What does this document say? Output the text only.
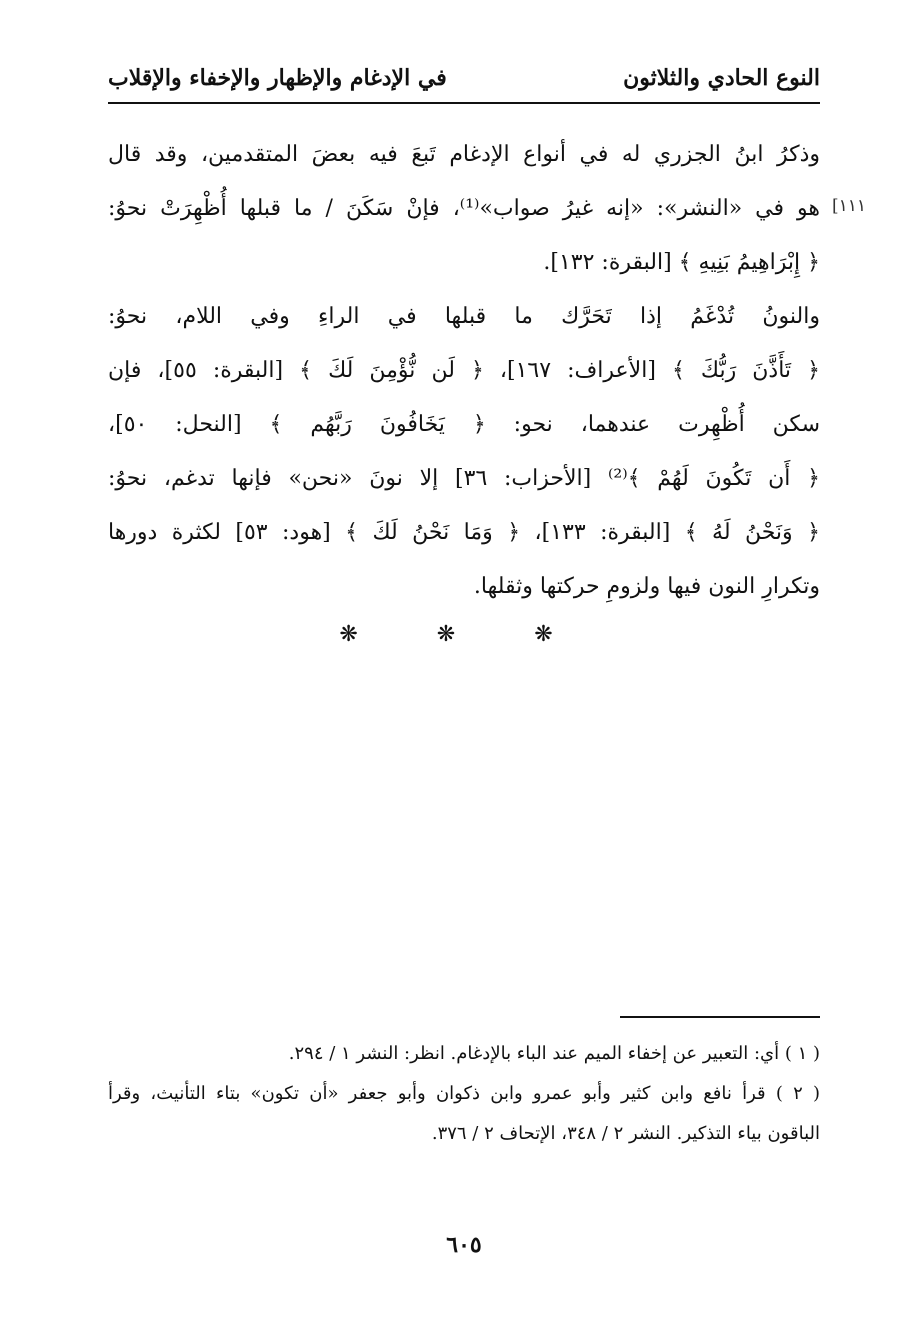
النوع الحادي والثلاثون
في الإدغام والإظهار والإخفاء والإقلاب
[١١١
وذكرُ ابنُ الجزري له في أنواع الإدغام تَبعَ فيه بعضَ المتقدمين، وقد قال
هو في «النشر»: «إنه غيرُ صواب»⁽¹⁾، فإنْ سَكَنَ / ما قبلها أُظْهِرَتْ نحوُ:
﴿ إِبْرَاهِيمُ بَنِيهِ ﴾ [البقرة: ١٣٢].
والنونُ تُدْغَمُ إذا تَحَرَّك ما قبلها في الراءِ وفي اللام، نحوُ:
﴿ تَأَذَّنَ رَبُّكَ ﴾ [الأعراف: ١٦٧]، ﴿ لَن نُّؤْمِنَ لَكَ ﴾ [البقرة: ٥٥]، فإن
سكن أُظْهِرت عندهما، نحو: ﴿ يَخَافُونَ رَبَّهُم ﴾ [النحل: ٥٠]،
﴿ أَن تَكُونَ لَهُمْ ﴾⁽²⁾ [الأحزاب: ٣٦] إلا نونَ «نحن» فإنها تدغم، نحوُ:
﴿ وَنَحْنُ لَهُ ﴾ [البقرة: ١٣٣]، ﴿ وَمَا نَحْنُ لَكَ ﴾ [هود: ٥٣] لكثرة دورها
وتكرارِ النون فيها ولزومِ حركتها وثقلها.
❋ ❋ ❋
( ١ ) أي: التعبير عن إخفاء الميم عند الباء بالإدغام. انظر: النشر ١ / ٢٩٤.
( ٢ ) قرأ نافع وابن كثير وأبو عمرو وابن ذكوان وأبو جعفر «أن تكون» بتاء التأنيث، وقرأ
الباقون بياء التذكير. النشر ٢ / ٣٤٨، الإتحاف ٢ / ٣٧٦.
٦٠٥
